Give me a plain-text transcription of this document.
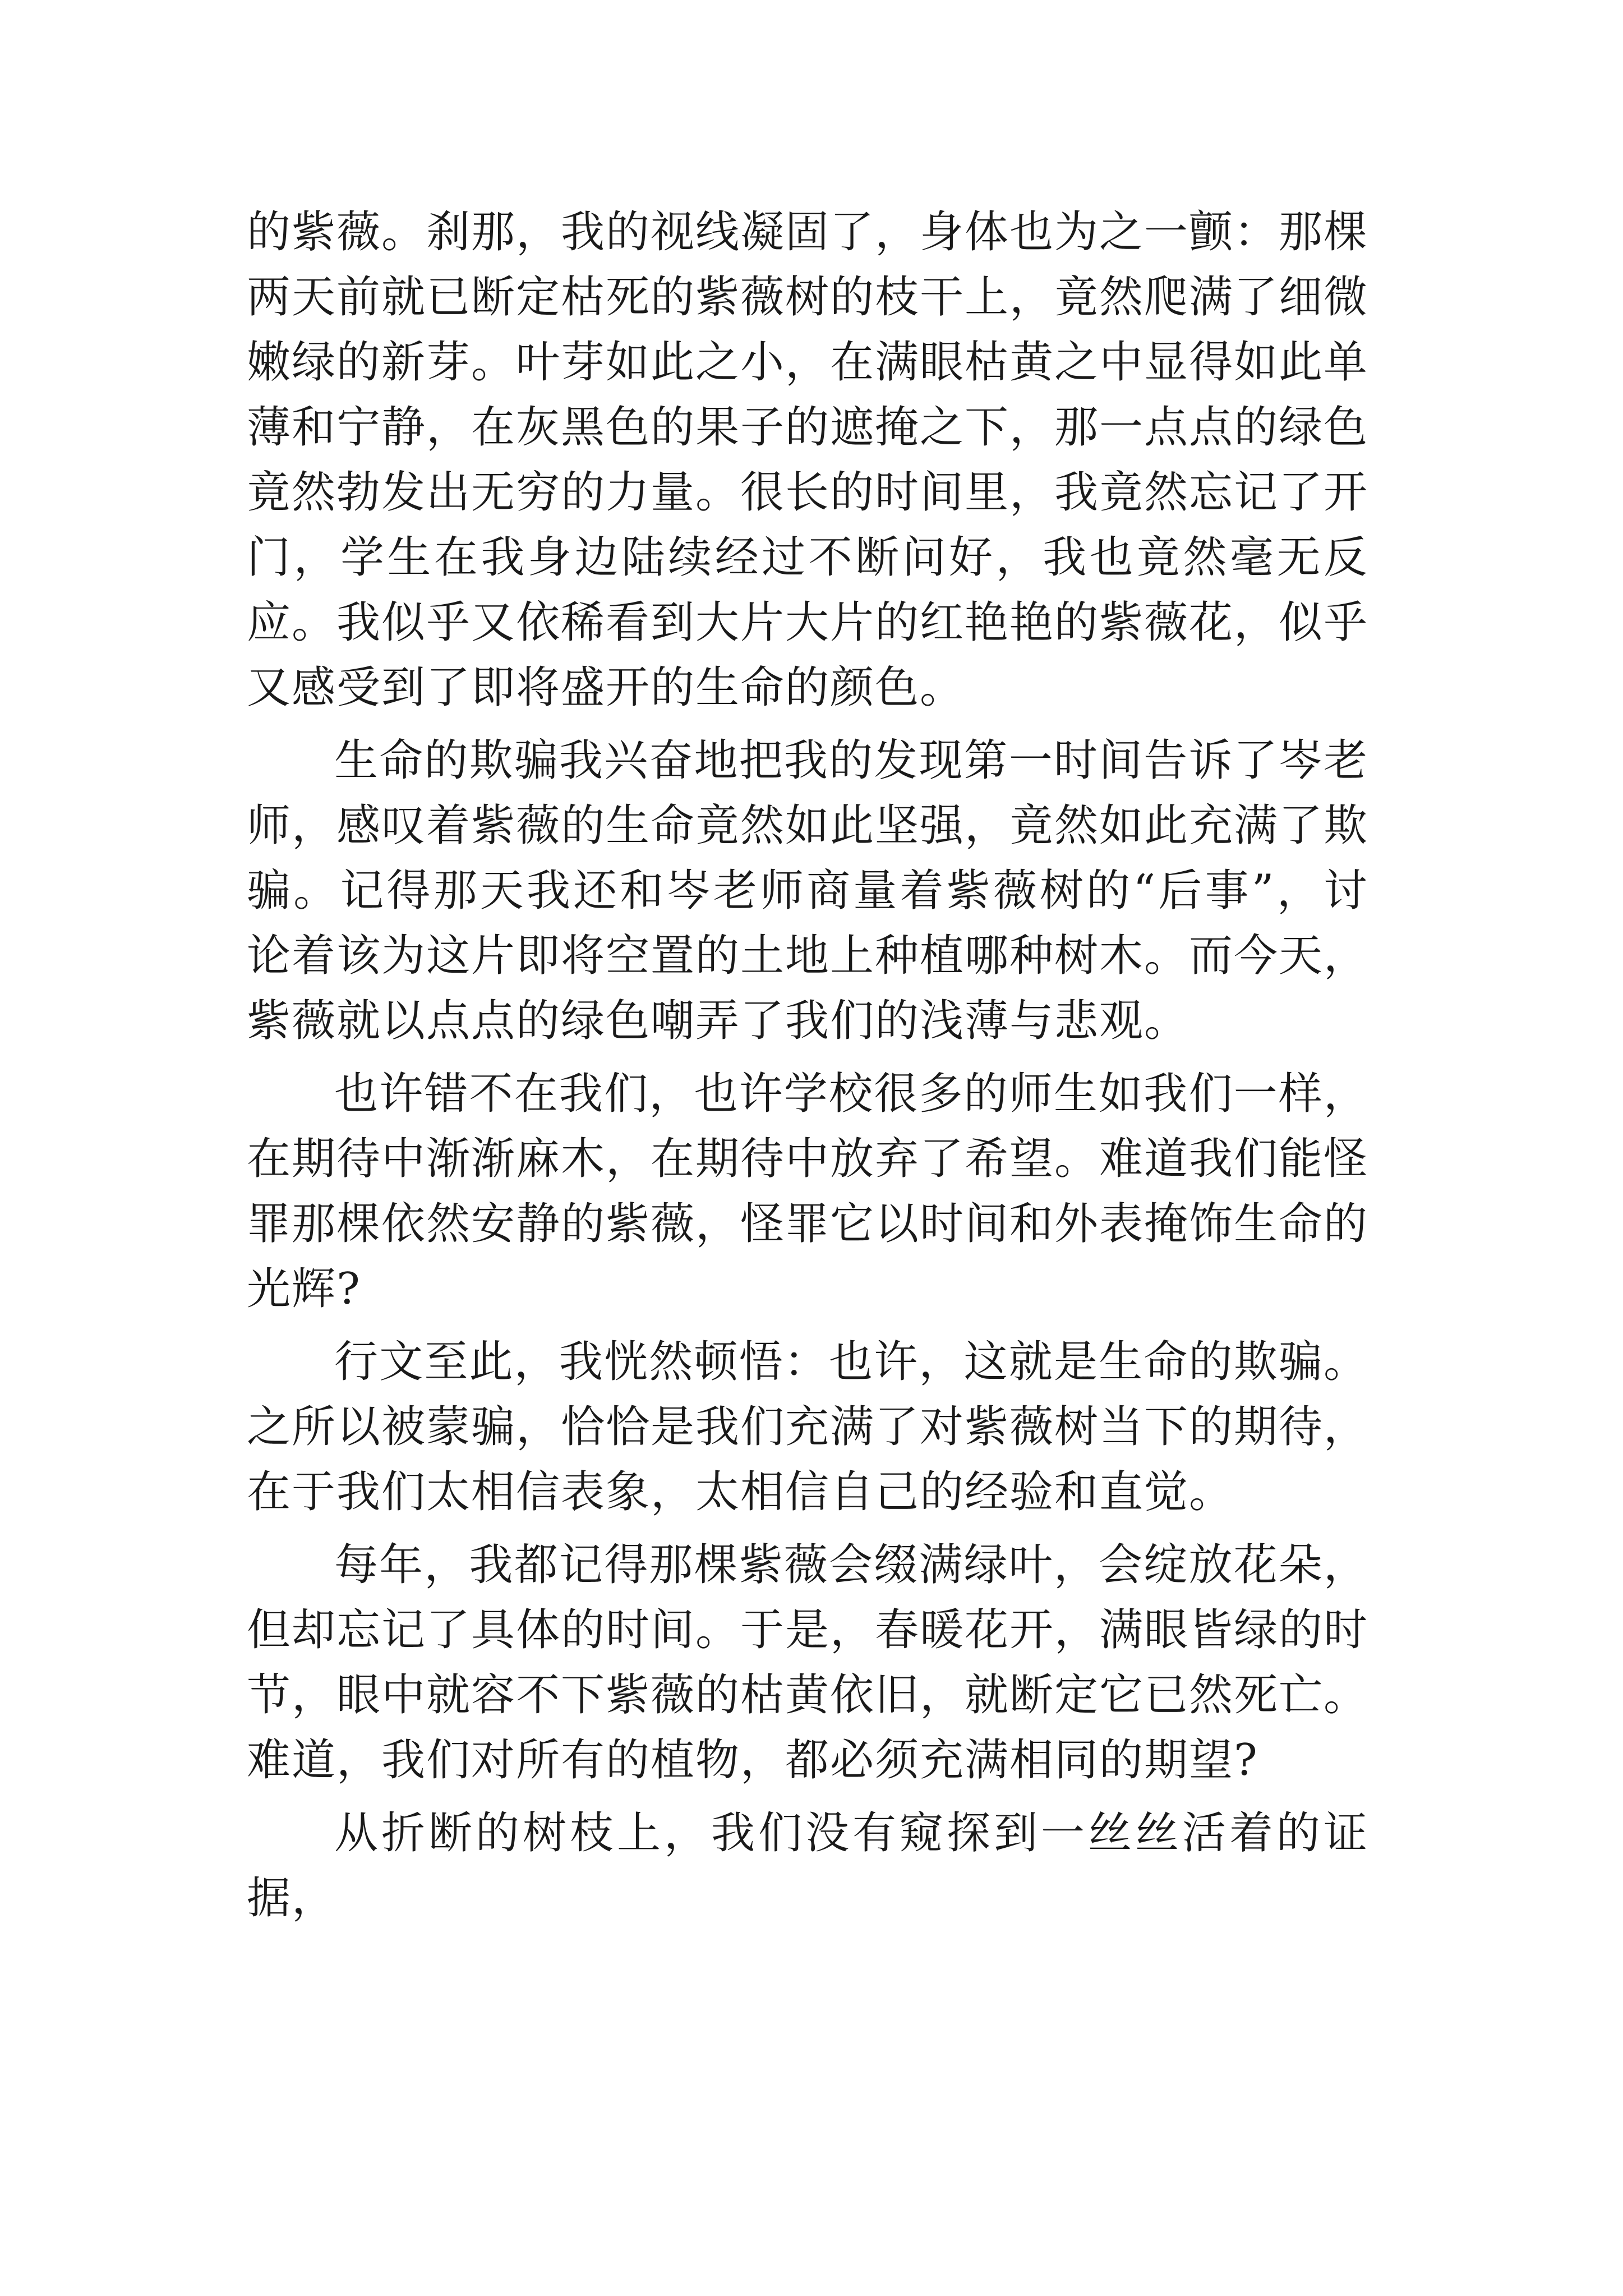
的紫薇。刹那，我的视线凝固了，身体也为之一颤：那棵两天前就已断定枯死的紫薇树的枝干上，竟然爬满了细微嫩绿的新芽。叶芽如此之小，在满眼枯黄之中显得如此单薄和宁静，在灰黑色的果子的遮掩之下，那一点点的绿色竟然勃发出无穷的力量。很长的时间里，我竟然忘记了开门，学生在我身边陆续经过不断问好，我也竟然毫无反应。我似乎又依稀看到大片大片的红艳艳的紫薇花，似乎又感受到了即将盛开的生命的颜色。

生命的欺骗我兴奋地把我的发现第一时间告诉了岑老师，感叹着紫薇的生命竟然如此坚强，竟然如此充满了欺骗。记得那天我还和岑老师商量着紫薇树的“后事”，讨论着该为这片即将空置的土地上种植哪种树木。而今天，紫薇就以点点的绿色嘲弄了我们的浅薄与悲观。

也许错不在我们，也许学校很多的师生如我们一样，在期待中渐渐麻木，在期待中放弃了希望。难道我们能怪罪那棵依然安静的紫薇，怪罪它以时间和外表掩饰生命的光辉?

行文至此，我恍然顿悟：也许，这就是生命的欺骗。之所以被蒙骗，恰恰是我们充满了对紫薇树当下的期待，在于我们太相信表象，太相信自己的经验和直觉。

每年，我都记得那棵紫薇会缀满绿叶，会绽放花朵，但却忘记了具体的时间。于是，春暖花开，满眼皆绿的时节，眼中就容不下紫薇的枯黄依旧，就断定它已然死亡。难道，我们对所有的植物，都必须充满相同的期望?

从折断的树枝上，我们没有窥探到一丝丝活着的证据，
